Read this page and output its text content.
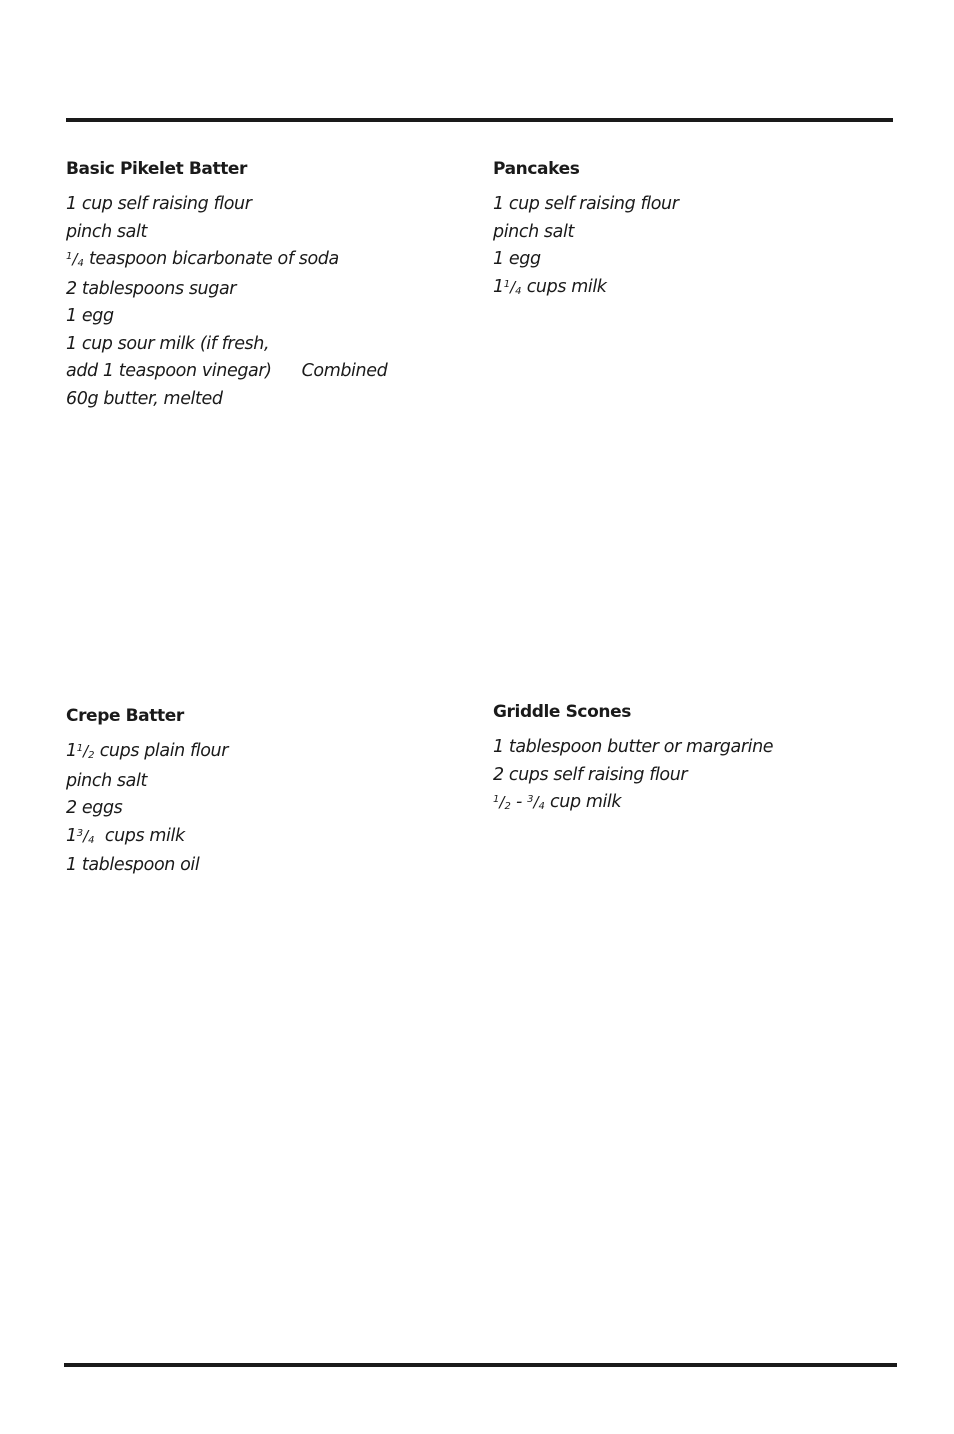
Basic Pikelet Batter
1 cup self raising flour
pinch salt
1/4 teaspoon bicarbonate of soda
2 tablespoons sugar
1 egg
1 cup sour milk (if fresh,
add 1 teaspoon vinegar) Combined
60g butter, melted
Pancakes
1 cup self raising flour
pinch salt
1 egg
11/4 cups milk
Crepe Batter
11/2 cups plain flour
pinch salt
2 eggs
13/4  cups milk
1 tablespoon oil
Griddle Scones
1 tablespoon butter or margarine
2 cups self raising flour
1/2 - 3/4 cup milk
